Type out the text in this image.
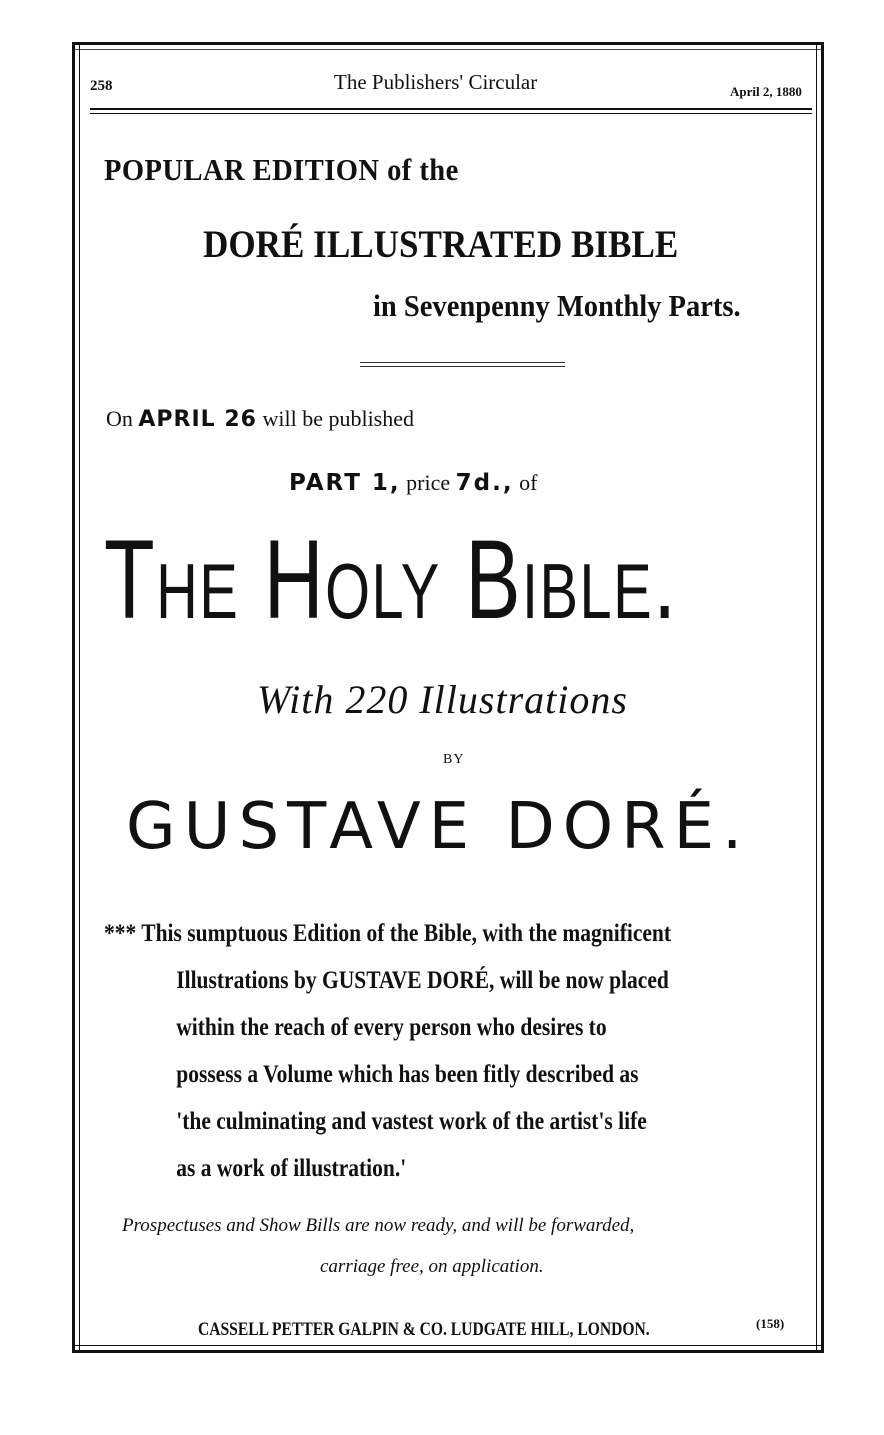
258	The Publishers' Circular	April 2, 1880

POPULAR EDITION of the

DORÉ ILLUSTRATED BIBLE

in Sevenpenny Monthly Parts.

On APRIL 26 will be published

PART 1, price 7d., of

The Holy Bible.

With 220 Illustrations

BY

GUSTAVE DORÉ.

*** This sumptuous Edition of the Bible, with the magnificent
Illustrations by GUSTAVE DORÉ, will be now placed
within the reach of every person who desires to
possess a Volume which has been fitly described as
'the culminating and vastest work of the artist's life
as a work of illustration.'

Prospectuses and Show Bills are now ready, and will be forwarded,

carriage free, on application.

CASSELL PETTER GALPIN & CO. LUDGATE HILL, LONDON.	(158)
